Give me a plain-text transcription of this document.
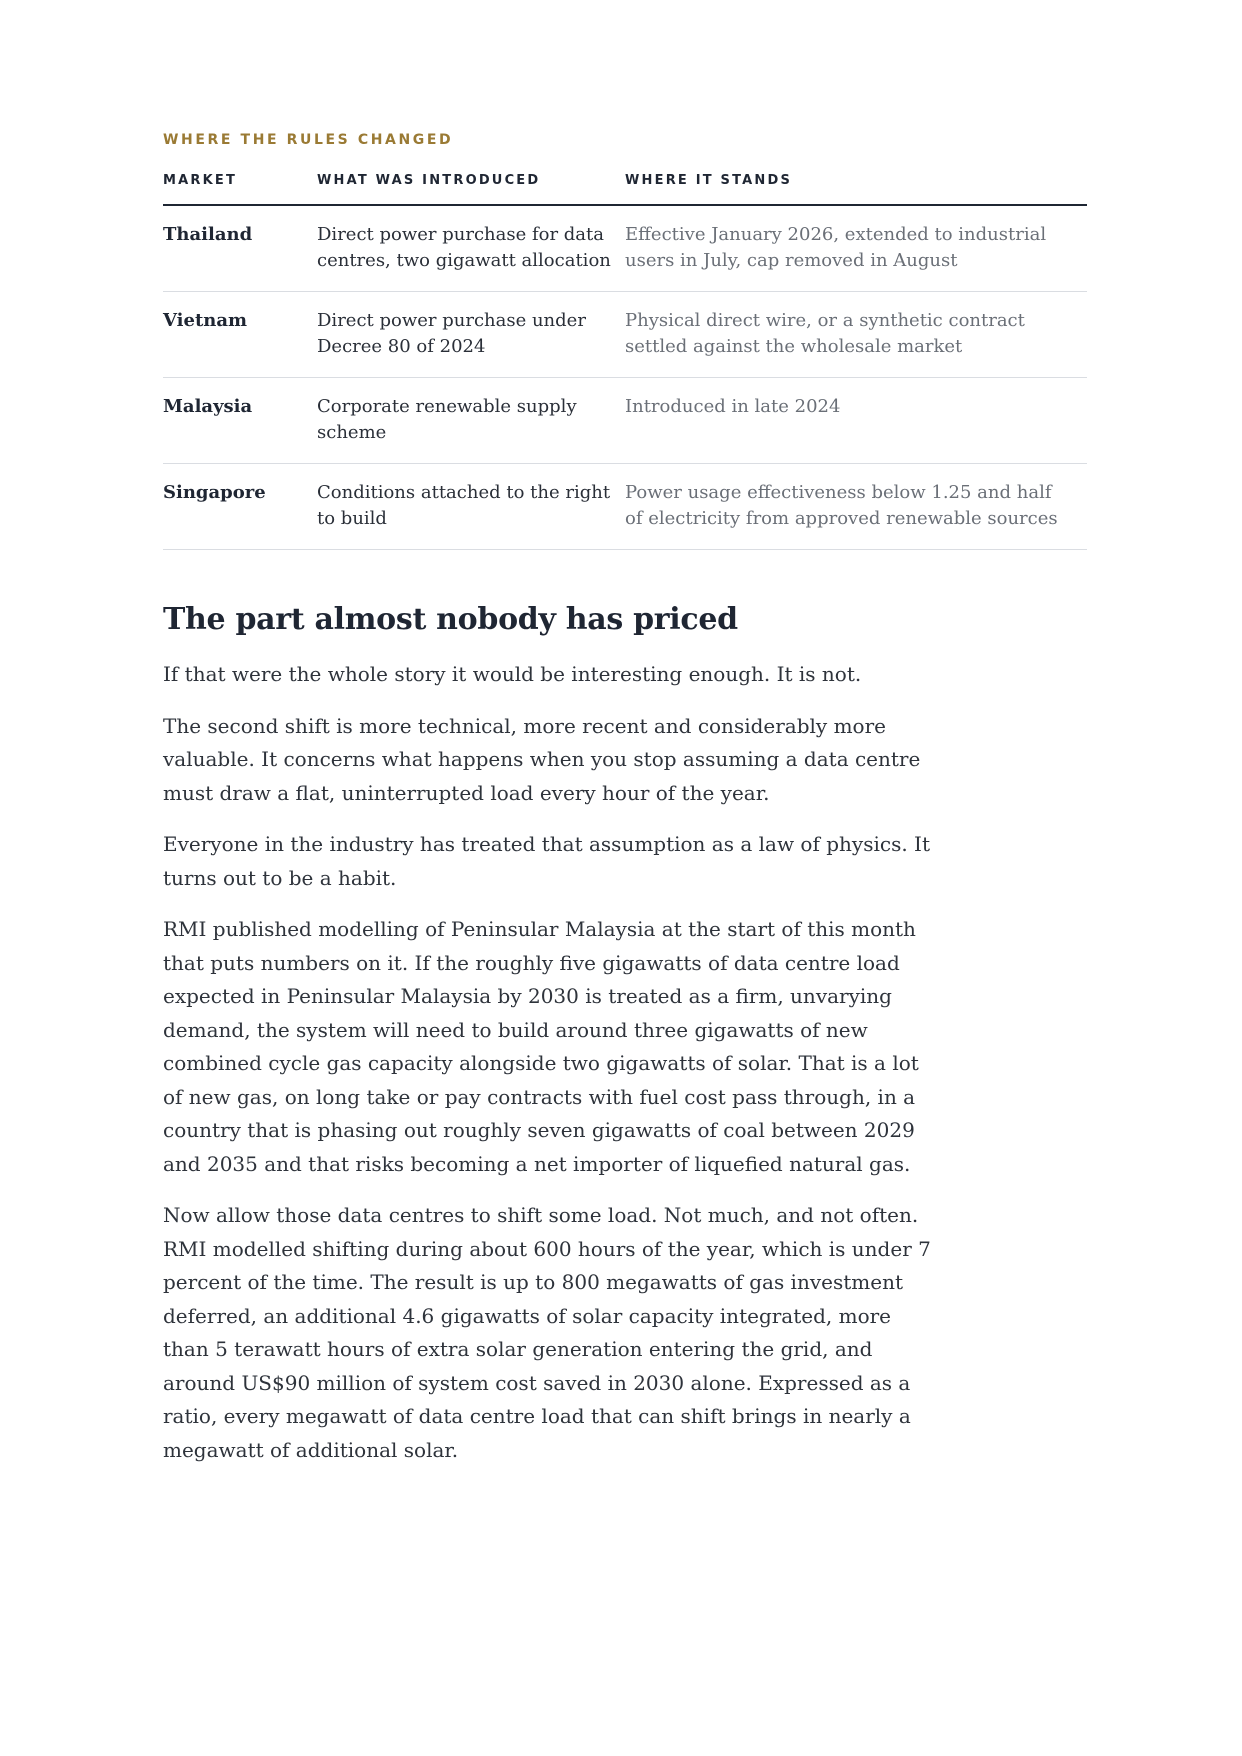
WHERE THE RULES CHANGED
MARKET	WHAT WAS INTRODUCED	WHERE IT STANDS
Thailand	Direct power purchase for data centres, two gigawatt allocation	Effective January 2026, extended to industrial users in July, cap removed in August
Vietnam	Direct power purchase under Decree 80 of 2024	Physical direct wire, or a synthetic contract settled against the wholesale market
Malaysia	Corporate renewable supply scheme	Introduced in late 2024
Singapore	Conditions attached to the right to build	Power usage effectiveness below 1.25 and half of electricity from approved renewable sources
The part almost nobody has priced

If that were the whole story it would be interesting enough. It is not.

The second shift is more technical, more recent and considerably more valuable. It concerns what happens when you stop assuming a data centre must draw a flat, uninterrupted load every hour of the year.

Everyone in the industry has treated that assumption as a law of physics. It turns out to be a habit.

RMI published modelling of Peninsular Malaysia at the start of this month that puts numbers on it. If the roughly five gigawatts of data centre load expected in Peninsular Malaysia by 2030 is treated as a firm, unvarying demand, the system will need to build around three gigawatts of new combined cycle gas capacity alongside two gigawatts of solar. That is a lot of new gas, on long take or pay contracts with fuel cost pass through, in a country that is phasing out roughly seven gigawatts of coal between 2029 and 2035 and that risks becoming a net importer of liquefied natural gas.

Now allow those data centres to shift some load. Not much, and not often. RMI modelled shifting during about 600 hours of the year, which is under 7 percent of the time. The result is up to 800 megawatts of gas investment deferred, an additional 4.6 gigawatts of solar capacity integrated, more than 5 terawatt hours of extra solar generation entering the grid, and around US$90 million of system cost saved in 2030 alone. Expressed as a ratio, every megawatt of data centre load that can shift brings in nearly a megawatt of additional solar.
